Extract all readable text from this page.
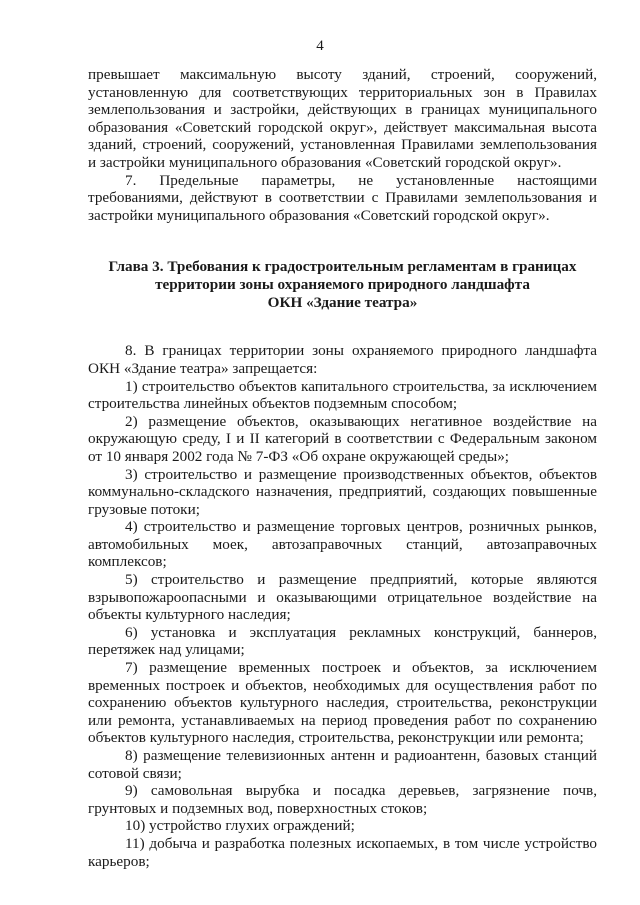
4

превышает максимальную высоту зданий, строений, сооружений, установленную для соответствующих территориальных зон в Правилах землепользования и застройки, действующих в границах муниципального образования «Советский городской округ», действует максимальная высота зданий, строений, сооружений, установленная Правилами землепользования и застройки муниципального образования «Советский городской округ».

7. Предельные параметры, не установленные настоящими требованиями, действуют в соответствии с Правилами землепользования и застройки муниципального образования «Советский городской округ».

Глава 3. Требования к градостроительным регламентам в границах
территории зоны охраняемого природного ландшафта
ОКН «Здание театра»

8. В границах территории зоны охраняемого природного ландшафта ОКН «Здание театра» запрещается:

1) строительство объектов капитального строительства, за исключением строительства линейных объектов подземным способом;

2) размещение объектов, оказывающих негативное воздействие на окружающую среду, I и II категорий в соответствии с Федеральным законом от 10 января 2002 года № 7-ФЗ «Об охране окружающей среды»;

3) строительство и размещение производственных объектов, объектов коммунально-складского назначения, предприятий, создающих повышенные грузовые потоки;

4) строительство и размещение торговых центров, розничных рынков, автомобильных моек, автозаправочных станций, автозаправочных комплексов;

5) строительство и размещение предприятий, которые являются взрывопожароопасными и оказывающими отрицательное воздействие на объекты культурного наследия;

6) установка и эксплуатация рекламных конструкций, баннеров, перетяжек над улицами;

7) размещение временных построек и объектов, за исключением временных построек и объектов, необходимых для осуществления работ по сохранению объектов культурного наследия, строительства, реконструкции или ремонта, устанавливаемых на период проведения работ по сохранению объектов культурного наследия, строительства, реконструкции или ремонта;

8) размещение телевизионных антенн и радиоантенн, базовых станций сотовой связи;

9) самовольная вырубка и посадка деревьев, загрязнение почв, грунтовых и подземных вод, поверхностных стоков;

10) устройство глухих ограждений;

11) добыча и разработка полезных ископаемых, в том числе устройство карьеров;
